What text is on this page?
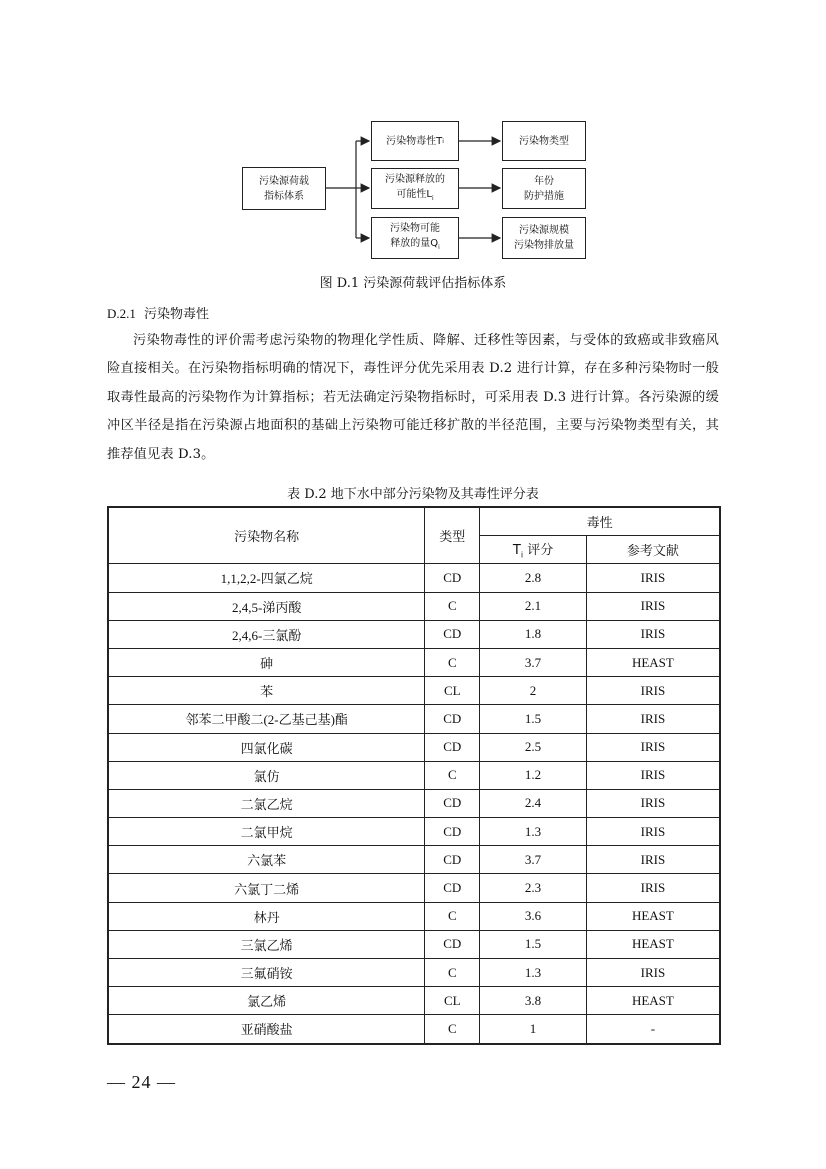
污染源荷载
指标体系
污染物毒性T i
污染源释放的
可能性$L_i$
污染物可能
释放的量$Q_i$
污染物类型
年份
防护措施
污染源规模
污染物排放量
图 D.1 污染源荷载评估指标体系
D.2.1 污染物毒性
污染物毒性的评价需考虑污染物的物理化学性质、降解、迁移性等因素，与受体的致癌或非致癌风险直接相关。在污染物指标明确的情况下，毒性评分优先采用表 D.2 进行计算，存在多种污染物时一般取毒性最高的污染物作为计算指标；若无法确定污染物指标时，可采用表 D.3 进行计算。各污染源的缓冲区半径是指在污染源占地面积的基础上污染物可能迁移扩散的半径范围，主要与污染物类型有关，其推荐值见表 D.3。
表 D.2 地下水中部分污染物及其毒性评分表
污染物名称	类型	毒性	
		$T_i$ 评分	参考文献
1,1,2,2-四氯乙烷	CD	2.8	IRIS
2,4,5-涕丙酸	C	2.1	IRIS
2,4,6-三氯酚	CD	1.8	IRIS
砷	C	3.7	HEAST
苯	CL	2	IRIS
邻苯二甲酸二(2-乙基己基)酯	CD	1.5	IRIS
四氯化碳	CD	2.5	IRIS
氯仿	C	1.2	IRIS
二氯乙烷	CD	2.4	IRIS
二氯甲烷	CD	1.3	IRIS
六氯苯	CD	3.7	IRIS
六氯丁二烯	CD	2.3	IRIS
林丹	C	3.6	HEAST
三氯乙烯	CD	1.5	HEAST
三氟硝铵	C	1.3	IRIS
氯乙烯	CL	3.8	HEAST
亚硝酸盐	C	1	-
— 24 —
